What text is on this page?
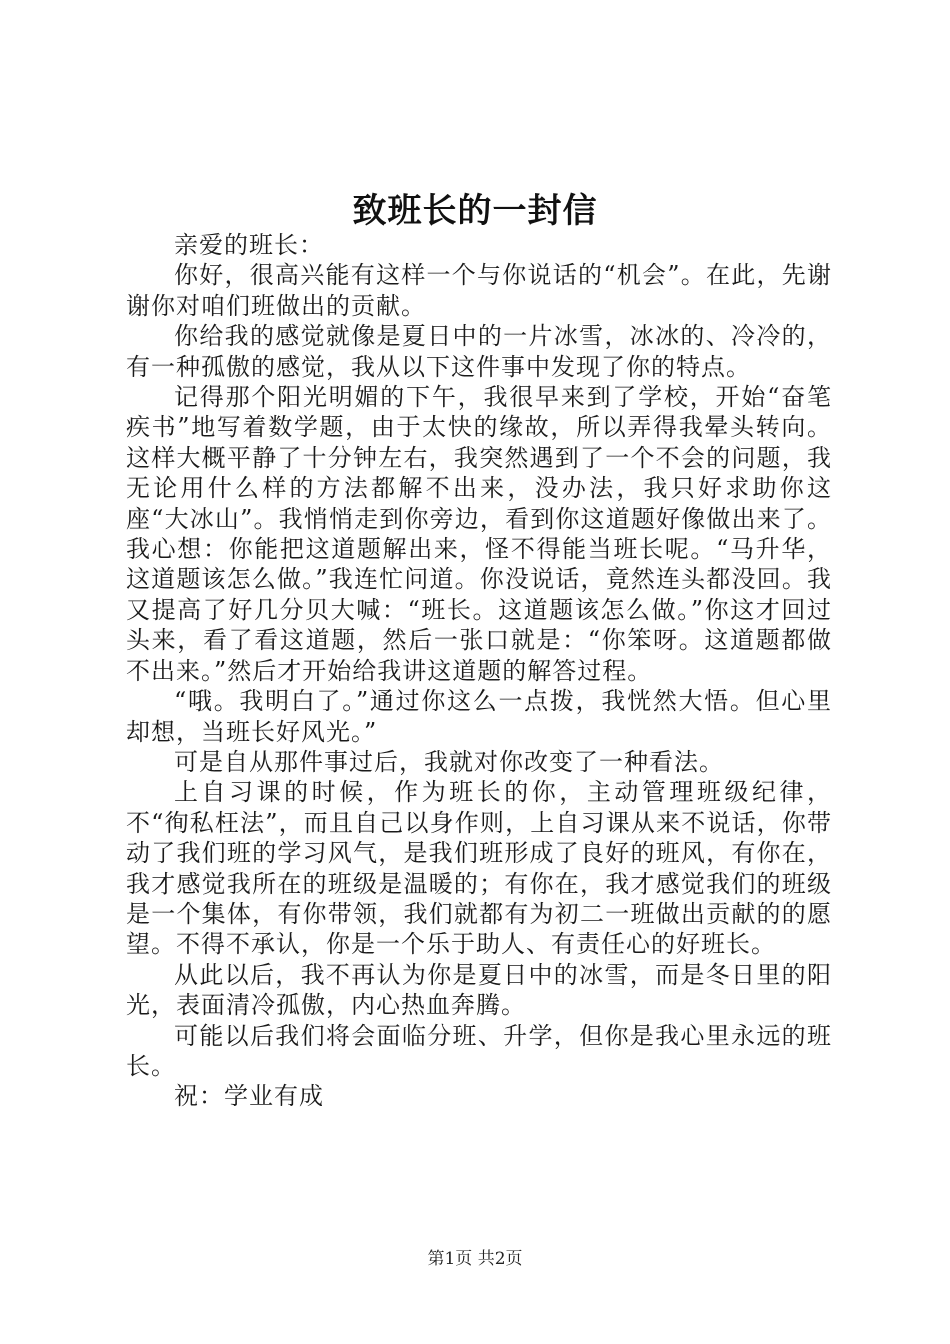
致班长的一封信

亲爱的班长：

你好，很高兴能有这样一个与你说话的“机会”。在此，先谢谢你对咱们班做出的贡献。

你给我的感觉就像是夏日中的一片冰雪，冰冰的、冷冷的，有一种孤傲的感觉，我从以下这件事中发现了你的特点。

记得那个阳光明媚的下午，我很早来到了学校，开始“奋笔疾书”地写着数学题，由于太快的缘故，所以弄得我晕头转向。这样大概平静了十分钟左右，我突然遇到了一个不会的问题，我无论用什么样的方法都解不出来，没办法，我只好求助你这座“大冰山”。我悄悄走到你旁边，看到你这道题好像做出来了。我心想：你能把这道题解出来，怪不得能当班长呢。“马升华，这道题该怎么做。”我连忙问道。你没说话，竟然连头都没回。我又提高了好几分贝大喊：“班长。这道题该怎么做。”你这才回过头来，看了看这道题，然后一张口就是：“你笨呀。这道题都做不出来。”然后才开始给我讲这道题的解答过程。

“哦。我明白了。”通过你这么一点拨，我恍然大悟。但心里却想，当班长好风光。”

可是自从那件事过后，我就对你改变了一种看法。

上自习课的时候，作为班长的你，主动管理班级纪律，不“徇私枉法”，而且自己以身作则，上自习课从来不说话，你带动了我们班的学习风气，是我们班形成了良好的班风，有你在，我才感觉我所在的班级是温暖的；有你在，我才感觉我们的班级是一个集体，有你带领，我们就都有为初二一班做出贡献的的愿望。不得不承认，你是一个乐于助人、有责任心的好班长。

从此以后，我不再认为你是夏日中的冰雪，而是冬日里的阳光，表面清冷孤傲，内心热血奔腾。

可能以后我们将会面临分班、升学，但你是我心里永远的班长。

祝：学业有成

第1页 共2页
